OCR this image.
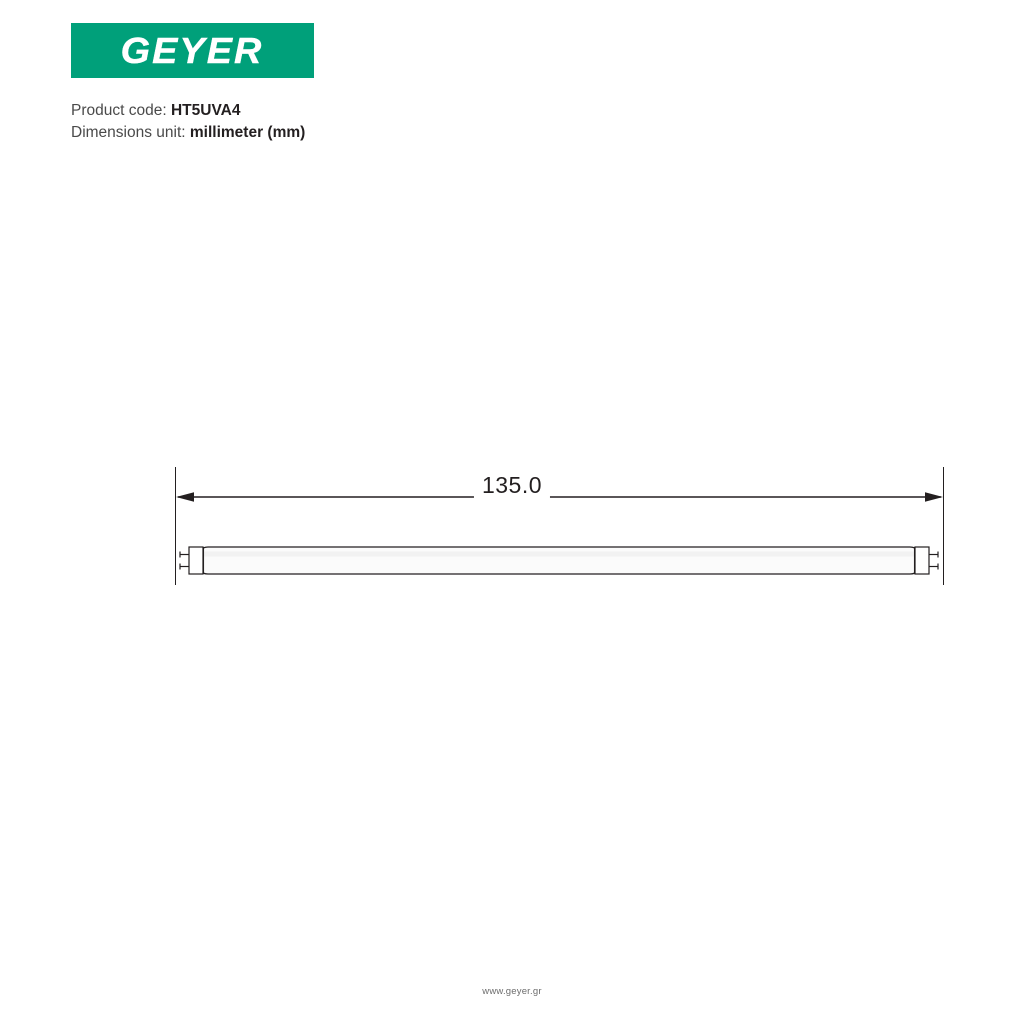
GEYER
Product code: HT5UVA4
Dimensions unit: millimeter (mm)
135.0
www.geyer.gr
